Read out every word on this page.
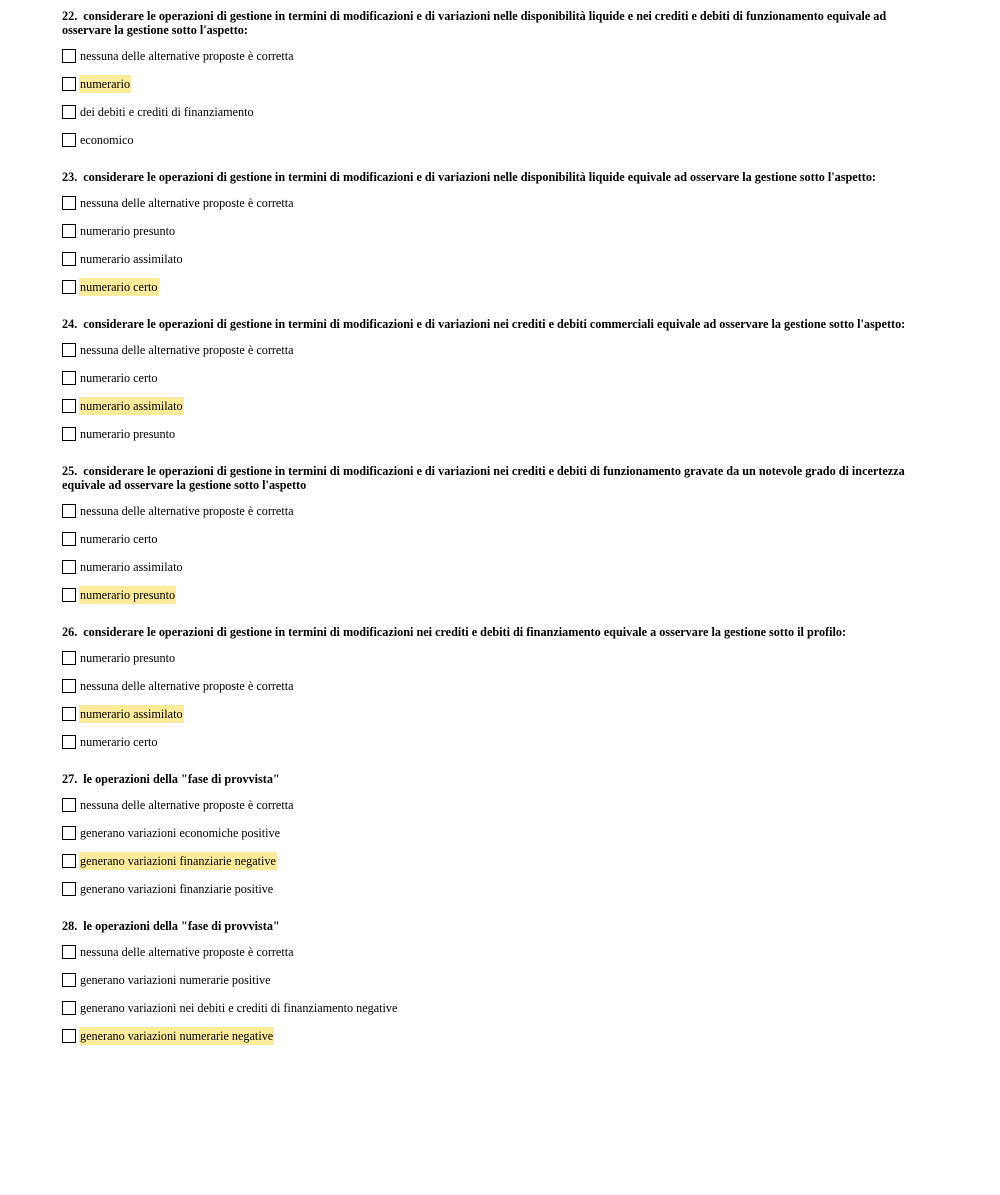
22. considerare le operazioni di gestione in termini di modificazioni e di variazioni nelle disponibilità liquide e nei crediti e debiti di funzionamento equivale ad osservare la gestione sotto l'aspetto:
nessuna delle alternative proposte è corretta
numerario
dei debiti e crediti di finanziamento
economico
23. considerare le operazioni di gestione in termini di modificazioni e di variazioni nelle disponibilità liquide equivale ad osservare la gestione sotto l'aspetto:
nessuna delle alternative proposte è corretta
numerario presunto
numerario assimilato
numerario certo
24. considerare le operazioni di gestione in termini di modificazioni e di variazioni nei crediti e debiti commerciali equivale ad osservare la gestione sotto l'aspetto:
nessuna delle alternative proposte è corretta
numerario certo
numerario assimilato
numerario presunto
25. considerare le operazioni di gestione in termini di modificazioni e di variazioni nei crediti e debiti di funzionamento gravate da un notevole grado di incertezza equivale ad osservare la gestione sotto l'aspetto
nessuna delle alternative proposte è corretta
numerario certo
numerario assimilato
numerario presunto
26. considerare le operazioni di gestione in termini di modificazioni nei crediti e debiti di finanziamento equivale a osservare la gestione sotto il profilo:
numerario presunto
nessuna delle alternative proposte è corretta
numerario assimilato
numerario certo
27. le operazioni della "fase di provvista"
nessuna delle alternative proposte è corretta
generano variazioni economiche positive
generano variazioni finanziarie negative
generano variazioni finanziarie positive
28. le operazioni della "fase di provvista"
nessuna delle alternative proposte è corretta
generano variazioni numerarie positive
generano variazioni nei debiti e crediti di finanziamento negative
generano variazioni numerarie negative
